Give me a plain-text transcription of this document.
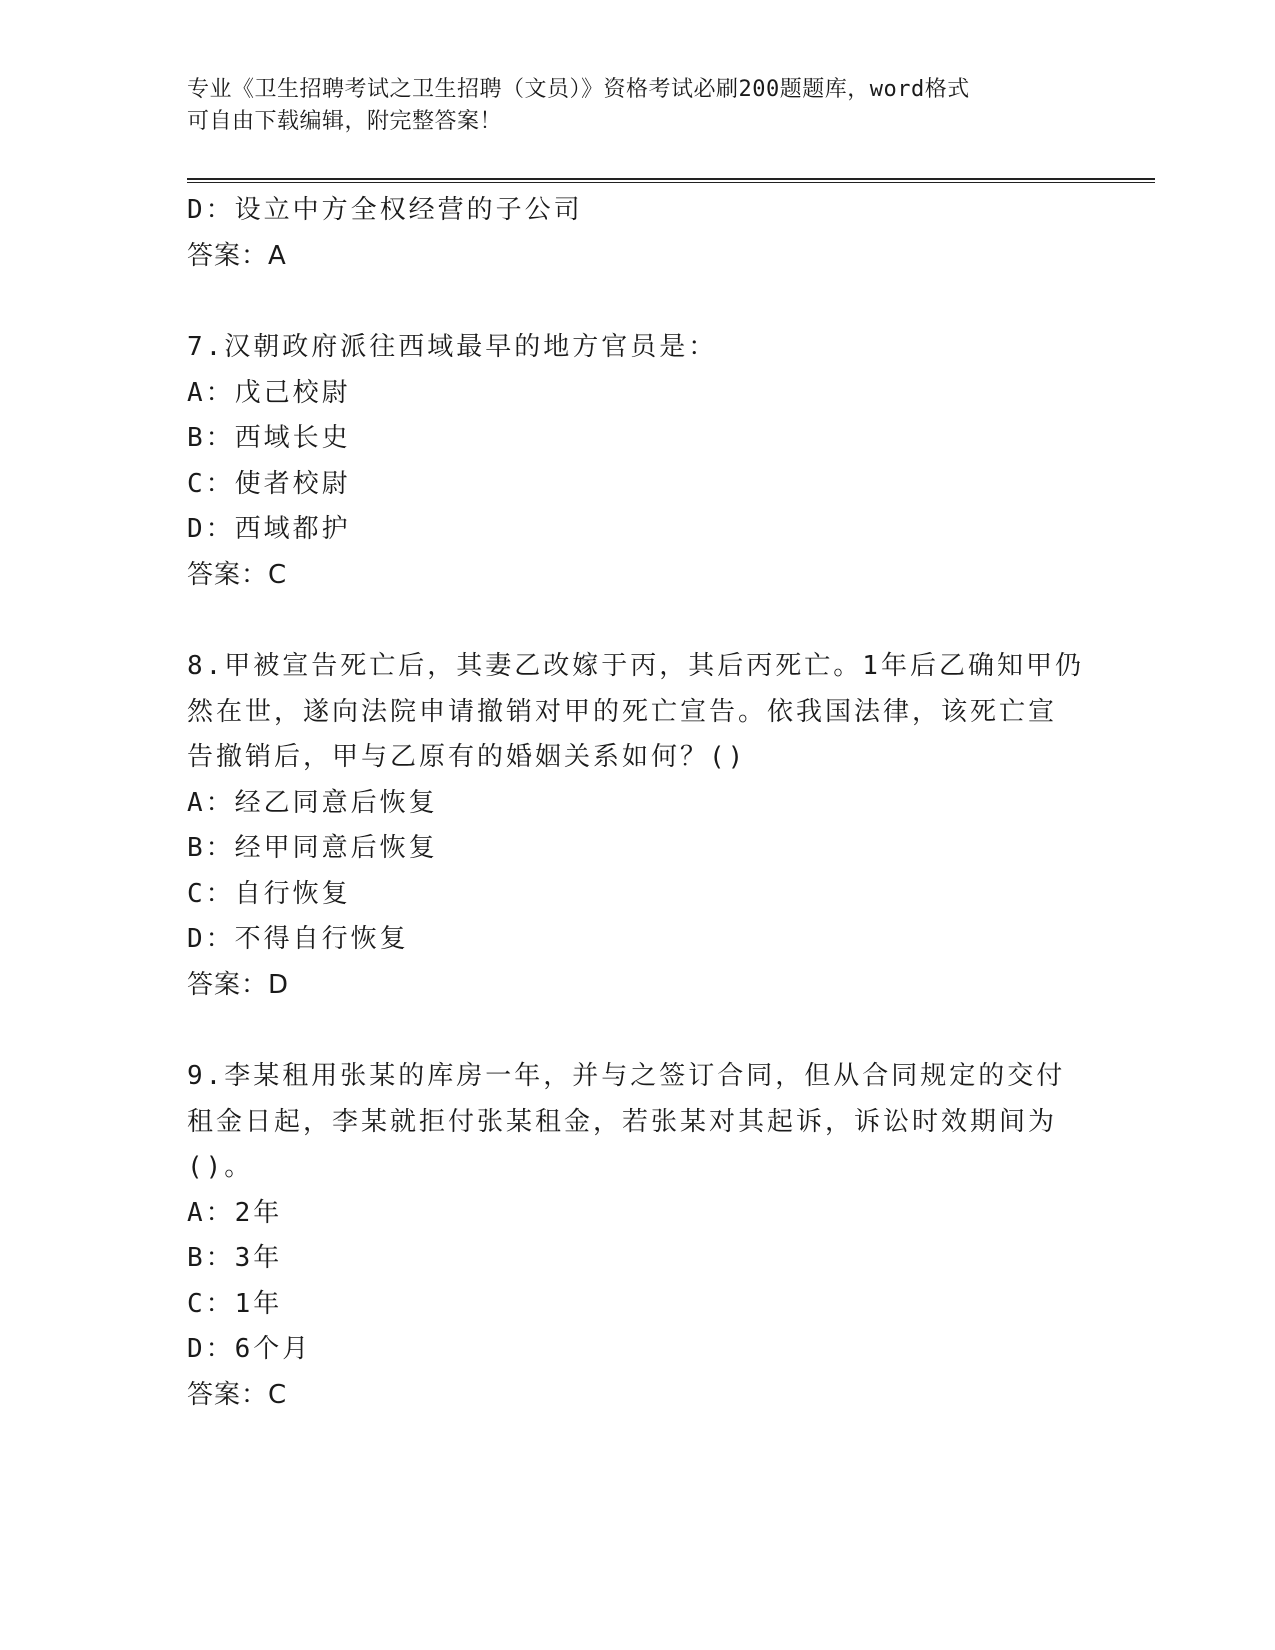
专业《卫生招聘考试之卫生招聘（文员）》资格考试必刷200题题库，word格式
可自由下载编辑，附完整答案！
D：设立中方全权经营的子公司
答案：A
7.汉朝政府派往西域最早的地方官员是：
A：戊己校尉
B：西域长史
C：使者校尉
D：西域都护
答案：C
8.甲被宣告死亡后，其妻乙改嫁于丙，其后丙死亡。1年后乙确知甲仍
然在世，遂向法院申请撤销对甲的死亡宣告。依我国法律，该死亡宣
告撤销后，甲与乙原有的婚姻关系如何？()
A：经乙同意后恢复
B：经甲同意后恢复
C：自行恢复
D：不得自行恢复
答案：D
9.李某租用张某的库房一年，并与之签订合同，但从合同规定的交付
租金日起，李某就拒付张某租金，若张某对其起诉，诉讼时效期间为
()。
A：2年
B：3年
C：1年
D：6个月
答案：C
